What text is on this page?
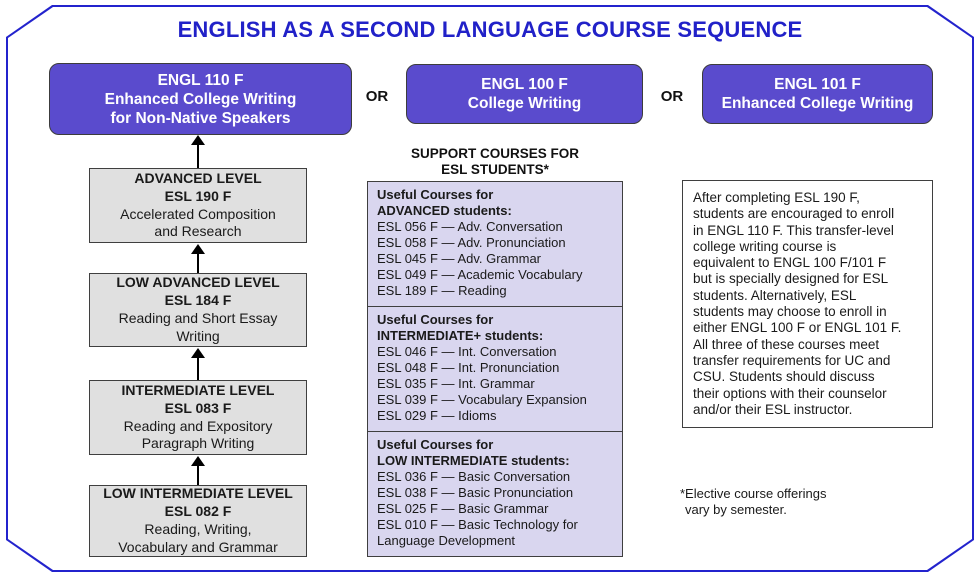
ENGLISH AS A SECOND LANGUAGE COURSE SEQUENCE
ENGL 110 F
Enhanced College Writing
for Non-Native Speakers
OR
ENGL 100 F
College Writing	OR
ENGL 101 F
Enhanced College Writing
ADVANCED LEVEL
ESL 190 F
Accelerated Composition
and Research
LOW ADVANCED LEVEL
ESL 184 F
Reading and Short Essay
Writing
INTERMEDIATE LEVEL
ESL 083 F
Reading and Expository
Paragraph Writing
LOW INTERMEDIATE LEVEL
ESL 082 F
Reading, Writing,
Vocabulary and Grammar
SUPPORT COURSES FOR
ESL STUDENTS*
Useful Courses for
ADVANCED students:
ESL 056 F — Adv. Conversation
ESL 058 F — Adv. Pronunciation
ESL 045 F — Adv. Grammar
ESL 049 F — Academic Vocabulary
ESL 189 F — Reading
Useful Courses for
INTERMEDIATE+ students:
ESL 046 F — Int. Conversation
ESL 048 F — Int. Pronunciation
ESL 035 F — Int. Grammar
ESL 039 F — Vocabulary Expansion
ESL 029 F — Idioms
Useful Courses for
LOW INTERMEDIATE students:
ESL 036 F — Basic Conversation
ESL 038 F — Basic Pronunciation
ESL 025 F — Basic Grammar
ESL 010 F — Basic Technology for Language Development
After completing ESL 190 F,
students are encouraged to enroll
in ENGL 110 F. This transfer-level
college writing course is
equivalent to ENGL 100 F/101 F
but is specially designed for ESL
students. Alternatively, ESL
students may choose to enroll in
either ENGL 100 F or ENGL 101 F.
All three of these courses meet
transfer requirements for UC and
CSU. Students should discuss
their options with their counselor
and/or their ESL instructor.
*Elective course offerings
vary by semester.
